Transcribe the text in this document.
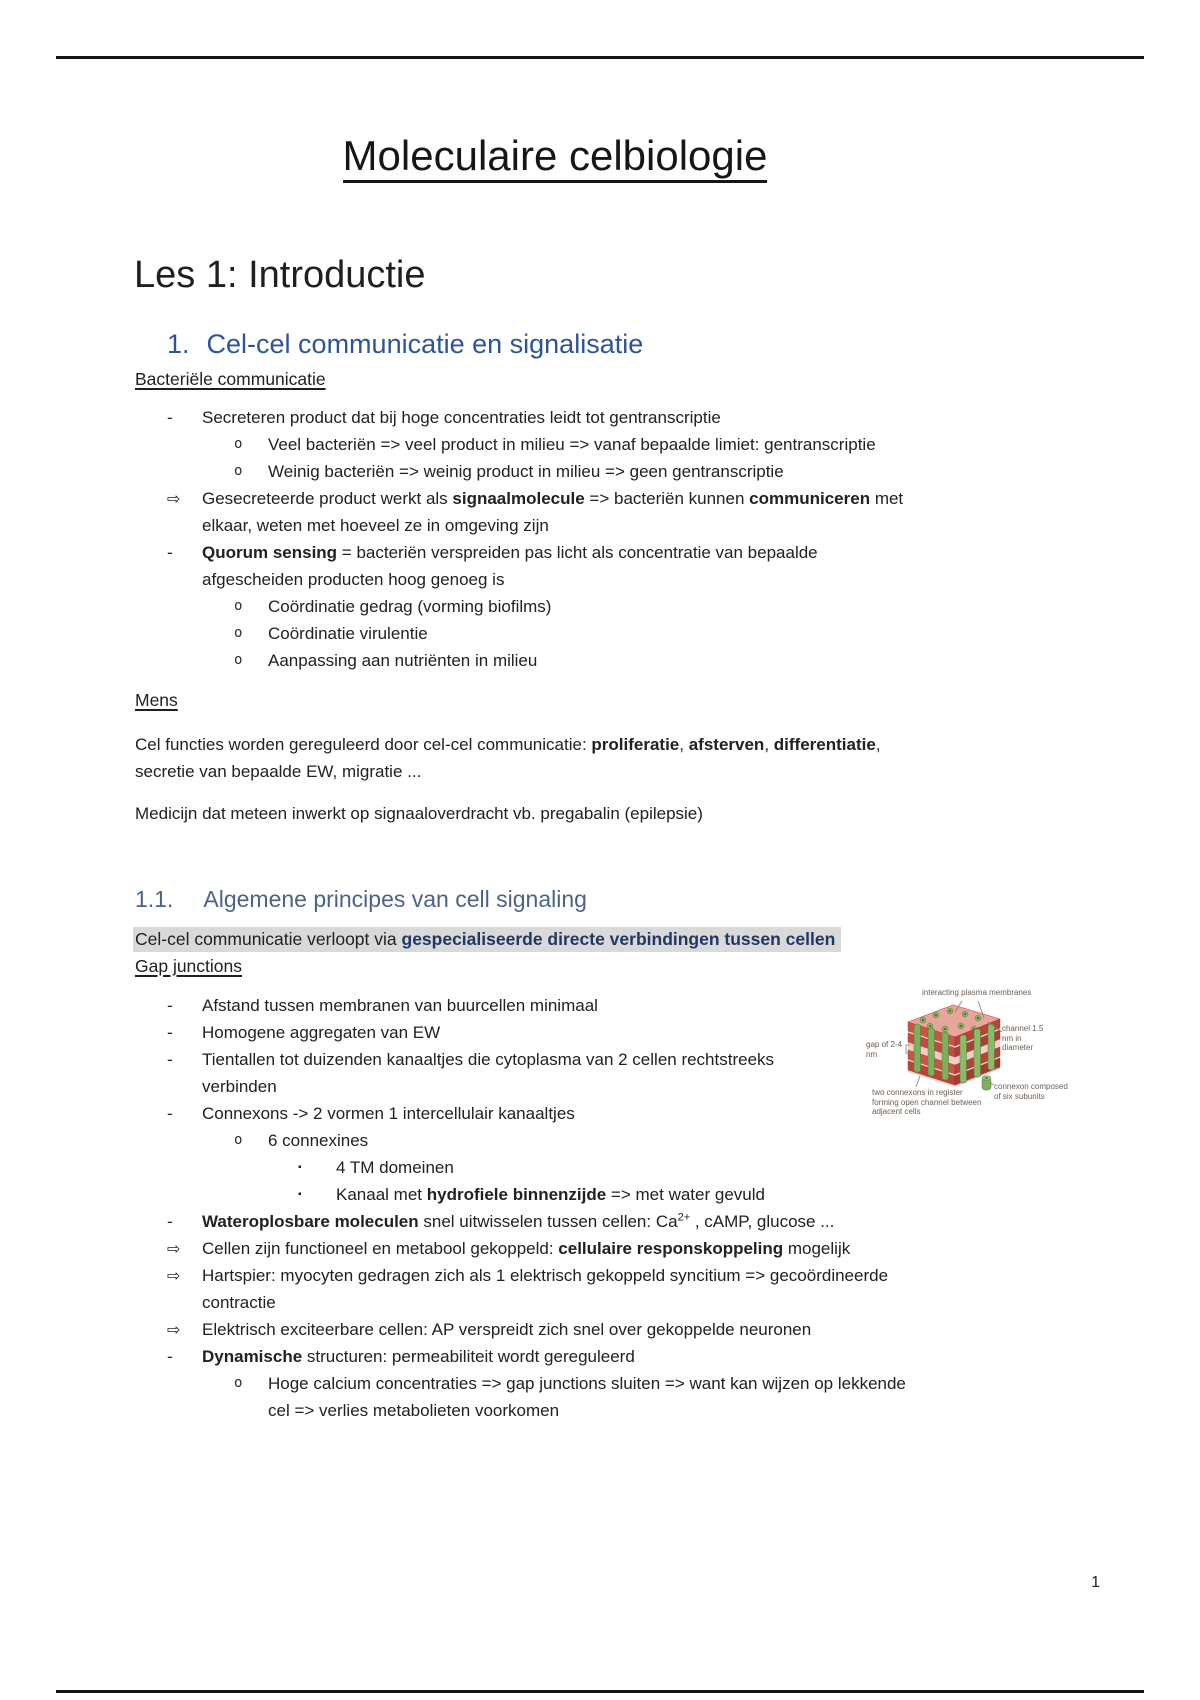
Moleculaire celbiologie
Les 1: Introductie
1. Cel-cel communicatie en signalisatie
Bacteriële communicatie
-	Secreteren product dat bij hoge concentraties leidt tot gentranscriptie
o	Veel bacteriën => veel product in milieu => vanaf bepaalde limiet: gentranscriptie
o	Weinig bacteriën => weinig product in milieu => geen gentranscriptie
⇨	Gesecreteerde product werkt als signaalmolecule => bacteriën kunnen communiceren met
elkaar, weten met hoeveel ze in omgeving zijn
-	Quorum sensing = bacteriën verspreiden pas licht als concentratie van bepaalde
afgescheiden producten hoog genoeg is
o	Coördinatie gedrag (vorming biofilms)
o	Coördinatie virulentie
o	Aanpassing aan nutriënten in milieu
Mens
Cel functies worden gereguleerd door cel-cel communicatie: proliferatie, afsterven, differentiatie,
secretie van bepaalde EW, migratie ...
Medicijn dat meteen inwerkt op signaaloverdracht vb. pregabalin (epilepsie)
1.1. Algemene principes van cell signaling
Cel-cel communicatie verloopt via gespecialiseerde directe verbindingen tussen cellen
Gap junctions
-	Afstand tussen membranen van buurcellen minimaal
-	Homogene aggregaten van EW
-	Tientallen tot duizenden kanaaltjes die cytoplasma van 2 cellen rechtstreeks
verbinden
-	Connexons -> 2 vormen 1 intercellulair kanaaltjes
o	6 connexines
▪	4 TM domeinen
▪	Kanaal met hydrofiele binnenzijde => met water gevuld
-	Wateroplosbare moleculen snel uitwisselen tussen cellen: $Ca^{2+}$ , cAMP, glucose ...
⇨	Cellen zijn functioneel en metabool gekoppeld: cellulaire responskoppeling mogelijk
⇨	Hartspier: myocyten gedragen zich als 1 elektrisch gekoppeld syncitium => gecoördineerde
contractie
⇨	Elektrisch exciteerbare cellen: AP verspreidt zich snel over gekoppelde neuronen
-	Dynamische structuren: permeabiliteit wordt gereguleerd
o	Hoge calcium concentraties => gap junctions sluiten => want kan wijzen op lekkende
cel => verlies metabolieten voorkomen
interacting plasma membranes
channel 1.5 nm in diameter
gap of 2-4 nm
two connexons in register forming open channel between adjacent cells
connexon composed of six subunits
1
